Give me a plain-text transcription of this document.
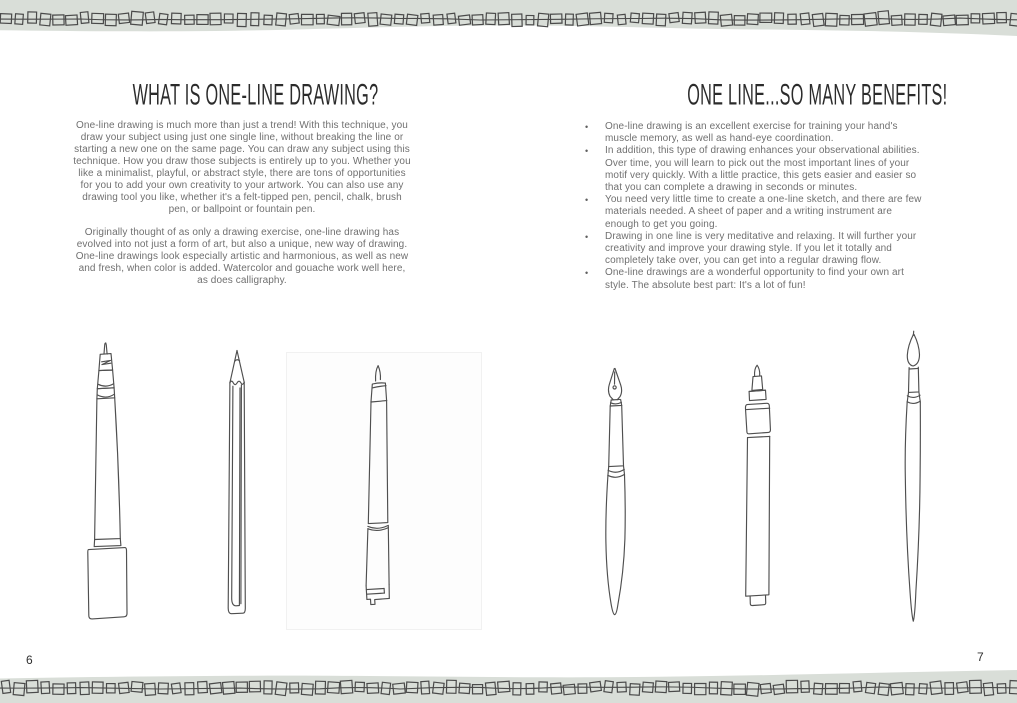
WHAT IS ONE-LINE DRAWING?

One-line drawing is much more than just a trend! With this technique, you draw your subject using just one single line, without breaking the line or starting a new one on the same page. You can draw any subject using this technique. How you draw those subjects is entirely up to you. Whether you like a minimalist, playful, or abstract style, there are tons of opportunities for you to add your own creativity to your artwork. You can also use any drawing tool you like, whether it's a felt-tipped pen, pencil, chalk, brush pen, or ballpoint or fountain pen.

Originally thought of as only a drawing exercise, one-line drawing has evolved into not just a form of art, but also a unique, new way of drawing. One-line drawings look especially artistic and harmonious, as well as new and fresh, when color is added. Watercolor and gouache work well here, as does calligraphy.

ONE LINE...SO MANY BENEFITS!
•	One-line drawing is an excellent exercise for training your hand's muscle memory, as well as hand-eye coordination.
•	In addition, this type of drawing enhances your observational abilities. Over time, you will learn to pick out the most important lines of your motif very quickly. With a little practice, this gets easier and easier so that you can complete a drawing in seconds or minutes.
•	You need very little time to create a one-line sketch, and there are few materials needed. A sheet of paper and a writing instrument are enough to get you going.
•	Drawing in one line is very meditative and relaxing. It will further your creativity and improve your drawing style. If you let it totally and completely take over, you can get into a regular drawing flow.
•	One-line drawings are a wonderful opportunity to find your own art style. The absolute best part: It's a lot of fun!
6	7
